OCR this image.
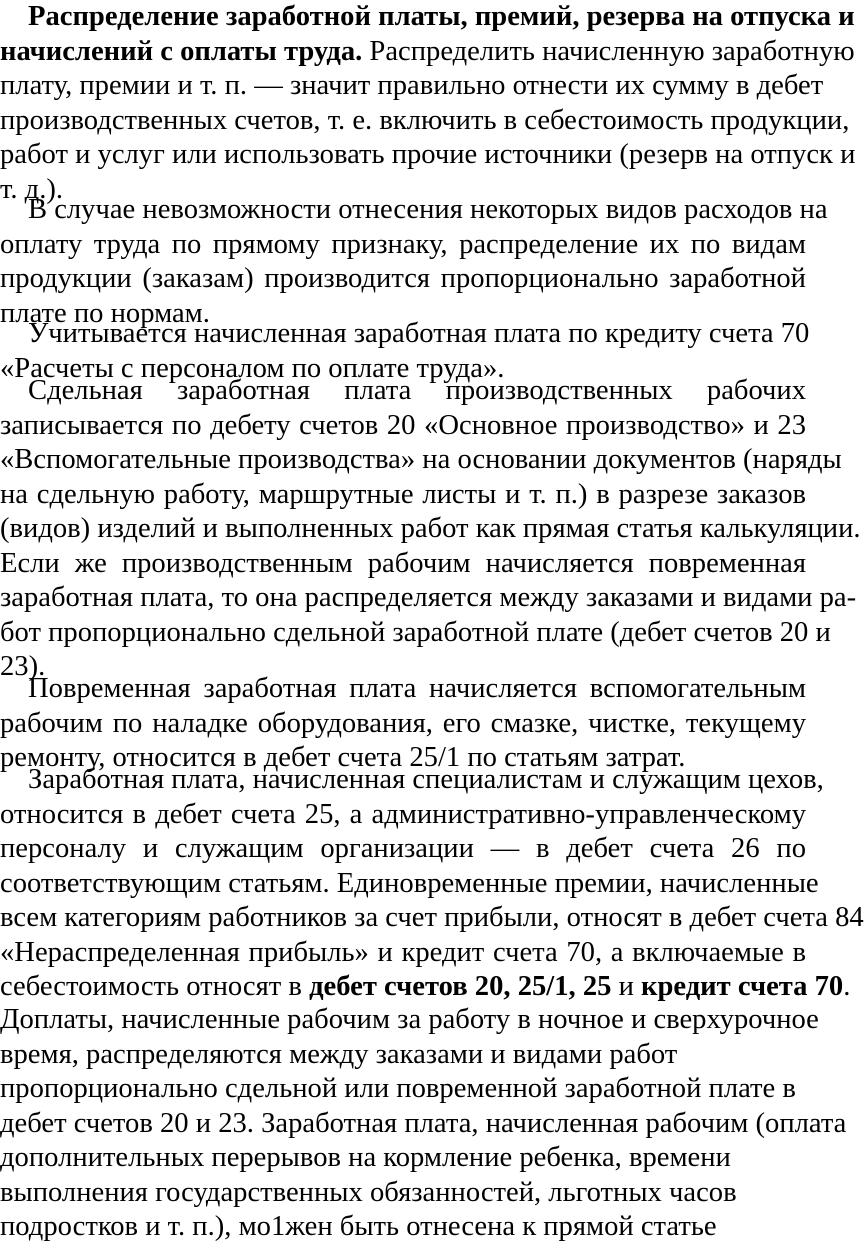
Распределение заработной платы, премий, резерва на отпуска и
начислений с оплаты труда. Распределить начисленную заработную
плату, премии и т. п. — значит правильно отнести их сумму в дебет
производственных счетов, т. е. включить в себестоимость продукции,
работ и услуг или использовать прочие источники (резерв на отпуск и
т. д.).
В случае невозможности отнесения некоторых видов расходов на
оплату труда по прямому признаку, распределение их по видам
продукции (заказам) производится пропорционально заработной
плате по нормам.
Учитывается начисленная заработная плата по кредиту счета 70
«Расчеты с персоналом по оплате труда».
Сдельная заработная плата производственных рабочих
записывается по дебету счетов 20 «Основное производство» и 23
«Вспомогательные производства» на основании документов (наряды
на сдельную работу, маршрутные листы и т. п.) в разрезе заказов
(видов) изделий и выполненных работ как прямая статья калькуляции.
Если же производственным рабочим начисляется повременная
заработная плата, то она распределяется между заказами и видами ра-
бот пропорционально сдельной заработной плате (дебет счетов 20 и
23).
Повременная заработная плата начисляется вспомогательным
рабочим по наладке оборудования, его смазке, чистке, текущему
ремонту, относится в дебет счета 25/1 по статьям затрат.
Заработная плата, начисленная специалистам и служащим цехов,
относится в дебет счета 25, а административно-управленческому
персоналу и служащим организации — в дебет счета 26 по
соответствующим статьям. Единовременные премии, начисленные
всем категориям работников за счет прибыли, относят в дебет счета 84
«Нераспределенная прибыль» и кредит счета 70, а включаемые в
себестоимость относят в дебет счетов 20, 25/1, 25 и кредит счета 70.
Доплаты, начисленные рабочим за работу в ночное и сверхурочное
время, распределяются между заказами и видами работ
пропорционально сдельной или повременной заработной плате в
дебет счетов 20 и 23. Заработная плата, начисленная рабочим (оплата
дополнительных перерывов на кормление ребенка, времени
выполнения государственных обязанностей, льготных часов
подростков и т. п.), мо1жен быть отнесена к прямой статье
